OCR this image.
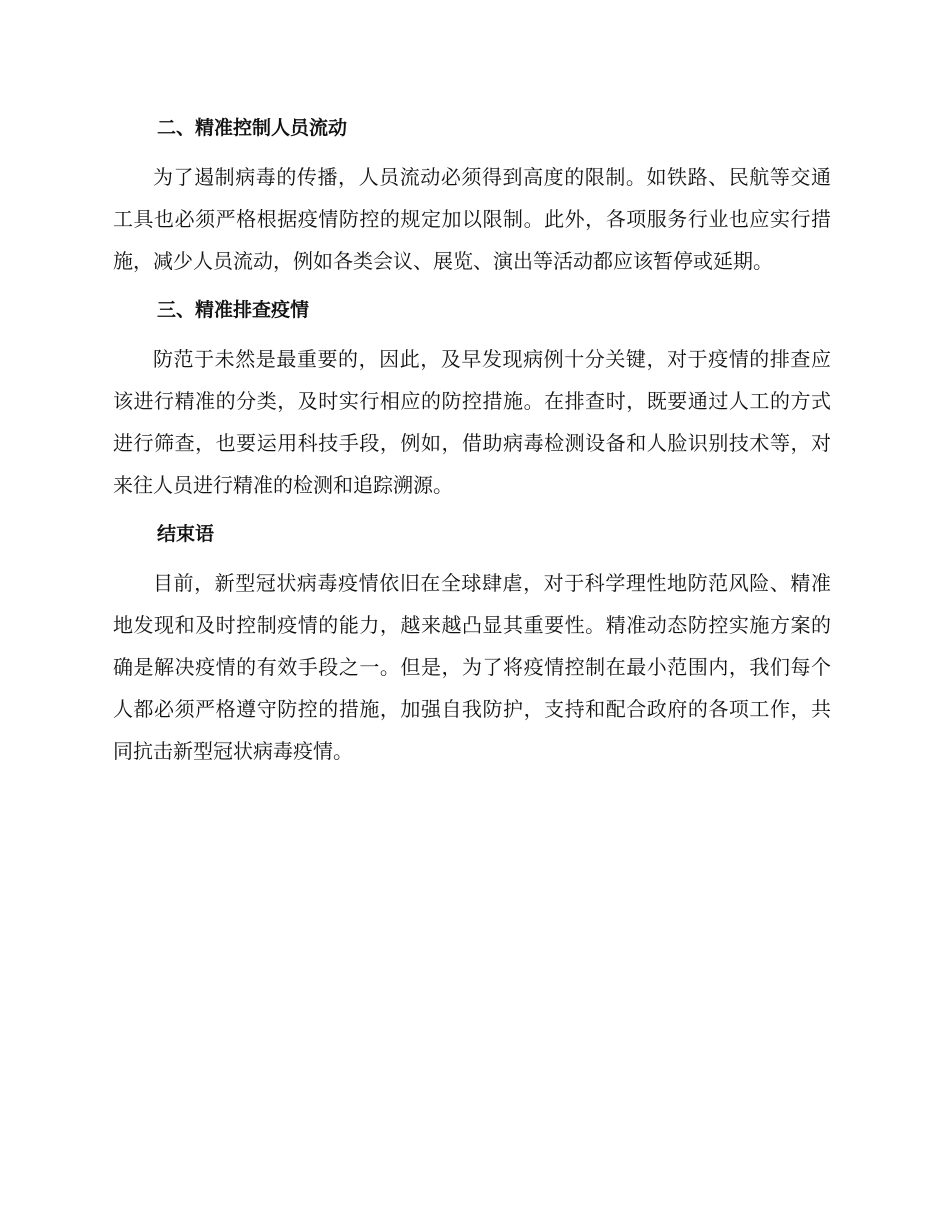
二、精准控制人员流动

为了遏制病毒的传播，人员流动必须得到高度的限制。如铁路、民航等交通工具也必须严格根据疫情防控的规定加以限制。此外，各项服务行业也应实行措施，减少人员流动，例如各类会议、展览、演出等活动都应该暂停或延期。

三、精准排查疫情

防范于未然是最重要的，因此，及早发现病例十分关键，对于疫情的排查应该进行精准的分类，及时实行相应的防控措施。在排查时，既要通过人工的方式进行筛查，也要运用科技手段，例如，借助病毒检测设备和人脸识别技术等，对来往人员进行精准的检测和追踪溯源。

结束语

目前，新型冠状病毒疫情依旧在全球肆虐，对于科学理性地防范风险、精准地发现和及时控制疫情的能力，越来越凸显其重要性。精准动态防控实施方案的确是解决疫情的有效手段之一。但是，为了将疫情控制在最小范围内，我们每个人都必须严格遵守防控的措施，加强自我防护，支持和配合政府的各项工作，共同抗击新型冠状病毒疫情。
